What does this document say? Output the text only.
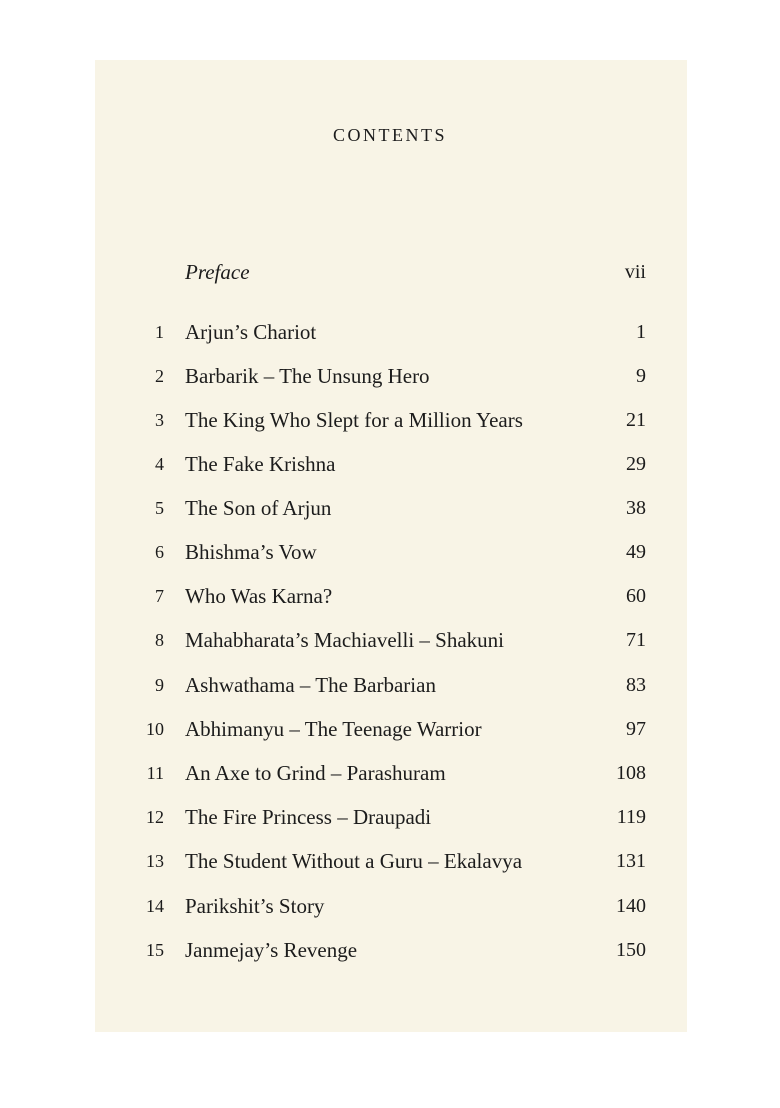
CONTENTS
Preface	vii
1 Arjun’s Chariot	1
2 Barbarik – The Unsung Hero	9
3 The King Who Slept for a Million Years	21
4 The Fake Krishna	29
5 The Son of Arjun	38
6 Bhishma’s Vow	49
7 Who Was Karna?	60
8 Mahabharata’s Machiavelli – Shakuni	71
9 Ashwathama – The Barbarian	83
10 Abhimanyu – The Teenage Warrior	97
11 An Axe to Grind – Parashuram	108
12 The Fire Princess – Draupadi	119
13 The Student Without a Guru – Ekalavya	131
14 Parikshit’s Story	140
15 Janmejay’s Revenge	150
